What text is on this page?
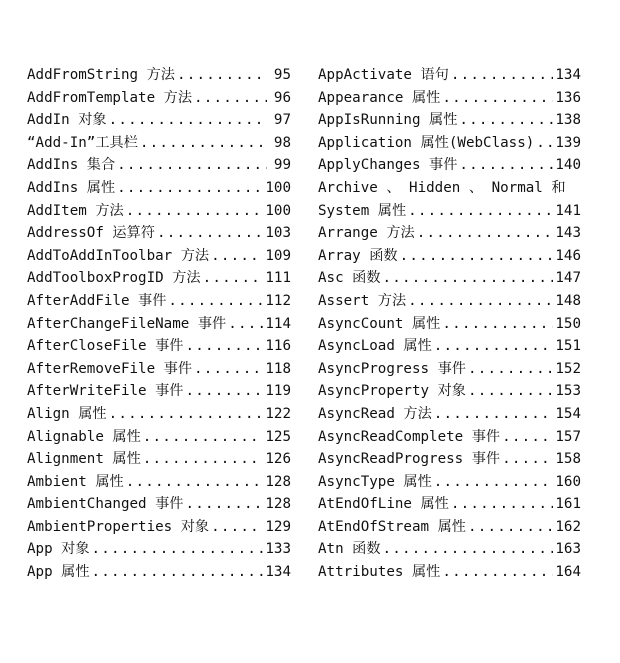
AddFromString 方法 .....	95
AddFromTemplate 方法 .....	96
AddIn 对象 .....	97
“Add-In”工具栏 .....	98
AddIns 集合 .....	99
AddIns 属性 .....	100
AddItem 方法 .....	100
AddressOf 运算符 .....	103
AddToAddInToolbar 方法 .....	109
AddToolboxProgID 方法 .....	111
AfterAddFile 事件 .....	112
AfterChangeFileName 事件 .....	114
AfterCloseFile 事件 .....	116
AfterRemoveFile 事件 .....	118
AfterWriteFile 事件 .....	119
Align 属性 .....	122
Alignable 属性 .....	125
Alignment 属性 .....	126
Ambient 属性 .....	128
AmbientChanged 事件 .....	128
AmbientProperties 对象 .....	129
App 对象 .....	133
App 属性 .....	134
AppActivate 语句 .....	134
Appearance 属性 .....	136
AppIsRunning 属性 .....	138
Application 属性(WebClass) ..... 139
ApplyChanges 事件 .....	140
Archive 、 Hidden 、 Normal 和
System 属性 .....	141
Arrange 方法 .....	143
Array 函数 .....	146
Asc 函数 .....	147
Assert 方法 .....	148
AsyncCount 属性 .....	150
AsyncLoad 属性 .....	151
AsyncProgress 事件 .....	152
AsyncProperty 对象 .....	153
AsyncRead 方法 .....	154
AsyncReadComplete 事件 .....	157
AsyncReadProgress 事件 .....	158
AsyncType 属性 .....	160
AtEndOfLine 属性 .....	161
AtEndOfStream 属性 .....	162
Atn 函数 .....	163
Attributes 属性 .....	164
